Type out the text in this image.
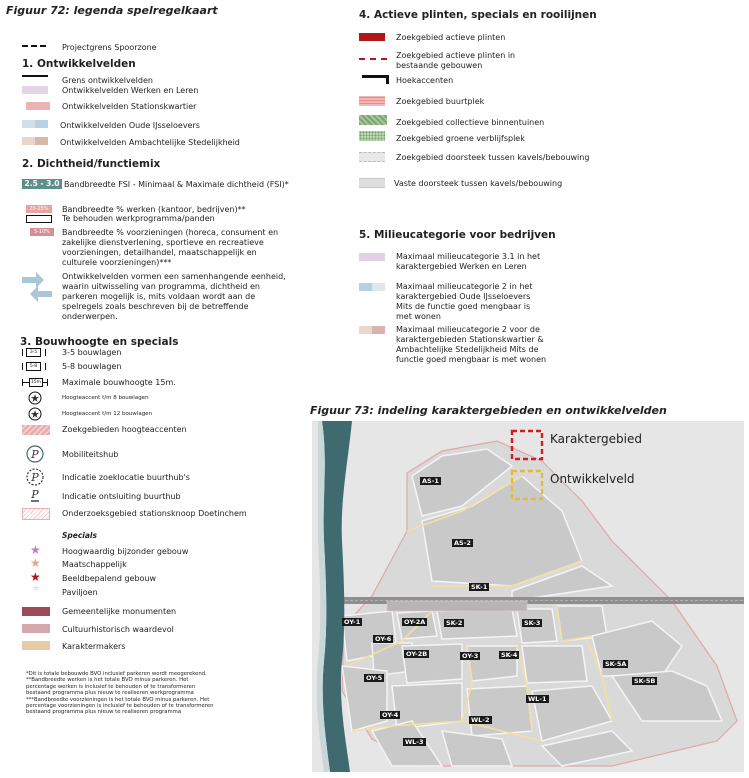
Figuur 72: legenda spelregelkaart
Projectgrens Spoorzone
1. Ontwikkelvelden
Grens ontwikkelvelden
Ontwikkelvelden Werken en Leren
Ontwikkelvelden Stationskwartier
Ontwikkelvelden Oude IJsseloevers
Ontwikkelvelden Ambachtelijke Stedelijkheid
2. Dichtheid/functiemix
2.5 - 3.0 Bandbreedte FSI - Minimaal & Maximale dichtheid (FSI)*
20-25%	Bandbreedte % werken (kantoor, bedrijven)**
Te behouden werkprogramma/panden
5-10%	Bandbreedte % voorzieningen (horeca, consument en zakelijke dienstverlening, sportieve en recreatieve voorzieningen, detailhandel, maatschappelijk en culturele voorzieningen)***
Ontwikkelvelden vormen een samenhangende eenheid, waarin uitwisseling van programma, dichtheid en parkeren mogelijk is, mits voldaan wordt aan de spelregels zoals beschreven bij de betreffende onderwerpen.
3. Bouwhoogte en specials
3-5	3-5 bouwlagen
5-8	5-8 bouwlagen
15m	Maximale bouwhoogte 15m.
Hoogteaccent t/m 8 bouwlagen
Hoogteaccent t/m 12 bouwlagen
Zoekgebieden hoogteaccenten
P	Mobiliteitshub
P	Indicatie zoeklocatie buurthub's
P	Indicatie ontsluiting buurthub
Onderzoeksgebied stationsknoop Doetinchem
Specials
★	Hoogwaardig bijzonder gebouw
★	Maatschappelijk
★	Beeldbepalend gebouw
★	Paviljoen
Gemeentelijke monumenten
Cultuurhistorisch waardevol
Karaktermakers
*Dit is totale bebouwde BVO inclusief parkeren wordt meegerekend.
**Bandbreedte werken is het totale BVO minus parkeren. Het percentage werken is inclusief te behouden of te transformeren bestaand programma plus nieuw te realiseren werkprogramma
***Bandbreedte voorzieningen is het totale BVO minus parkeren. Het percentage voorzieningen is inclusief te behouden of te transformeren bestaand programma plus nieuw te realiseren programma
4. Actieve plinten, specials en rooilijnen
Zoekgebied actieve plinten
Zoekgebied actieve plinten in bestaande gebouwen
Hoekaccenten
Zoekgebied buurtplek
Zoekgebied collectieve binnentuinen
Zoekgebied groene verblijfsplek
Zoekgebied doorsteek tussen kavels/bebouwing
Vaste doorsteek tussen kavels/bebouwing
5. Milieucategorie voor bedrijven
Maximaal milieucategorie 3.1 in het karaktergebied Werken en Leren
Maximaal milieucategorie 2 in het karaktergebied Oude IJsseloevers Mits de functie goed mengbaar is met wonen
Maximaal milieucategorie 2 voor de karaktergebieden Stationskwartier & Ambachtelijke Stedelijkheid Mits de functie goed mengbaar is met wonen
Figuur 73: indeling karaktergebieden en ontwikkelvelden
Karaktergebied
Ontwikkelveld
AS-1
AS-2
SK-1
OY-1	OY-2A	SK-2	SK-3
OY-6
OY-2B	OY-3	SK-4
SK-5A
SK-5B
OY-5
OY-4
WL-2
WL-1
WL-3
